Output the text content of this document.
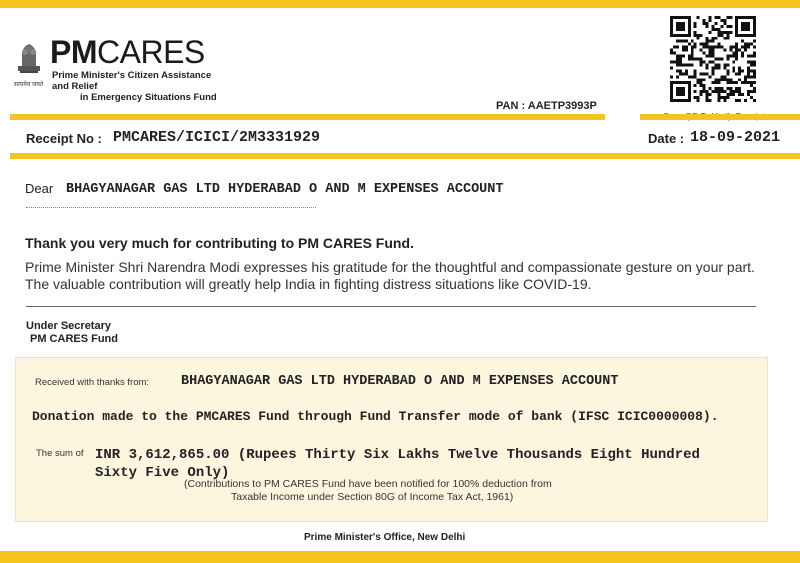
सत्यमेव जयते
PMCARES
Prime Minister's Citizen Assistance and Relief
in Emergency Situations Fund
PAN : AAETP3993P
Receipt No : PMCARES/ICICI/2M3331929	Date : 18-09-2021
Dear BHAGYANAGAR GAS LTD HYDERABAD O AND M EXPENSES ACCOUNT
Thank you very much for contributing to PM CARES Fund.
Prime Minister Shri Narendra Modi expresses his gratitude for the thoughtful and compassionate gesture on your part. The valuable contribution will greatly help India in fighting distress situations like COVID-19.
Under Secretary
PM CARES Fund
Received with thanks from: BHAGYANAGAR GAS LTD HYDERABAD O AND M EXPENSES ACCOUNT
Donation made to the PMCARES Fund through Fund Transfer mode of bank (IFSC ICIC0000008).
The sum of INR 3,612,865.00 (Rupees Thirty Six Lakhs Twelve Thousands Eight Hundred Sixty Five Only)
(Contributions to PM CARES Fund have been notified for 100% deduction from
Taxable Income under Section 80G of Income Tax Act, 1961)
Prime Minister's Office, New Delhi
